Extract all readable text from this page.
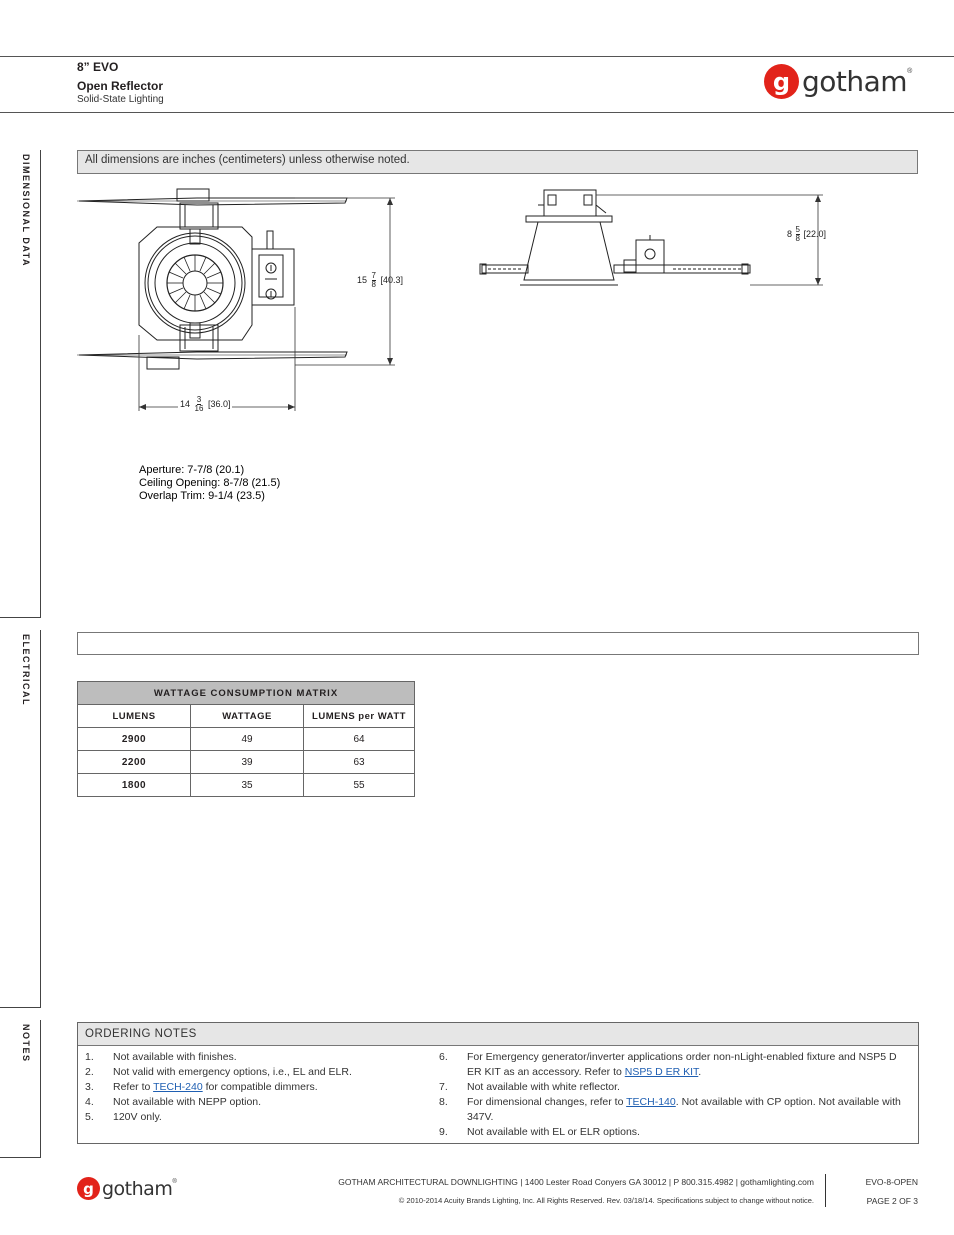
8” EVO
Open Reflector
Solid-State Lighting
g gotham ®
DIMENSIONAL DATA
ELECTRICAL
NOTES
All dimensions are inches (centimeters) unless otherwise noted.
$15 \frac{7}{8} [40.3]$
$14 \frac{3}{16} [36.0]$
$8 \frac{5}{8} [22.0]$
Aperture: 7-7/8 (20.1)
Ceiling Opening: 8-7/8 (21.5)
Overlap Trim: 9-1/4 (23.5)
WATTAGE CONSUMPTION MATRIX		
LUMENS	WATTAGE	LUMENS per WATT
2900	49	64
2200	39	63
1800	35	55
ORDERING NOTES
1.	Not available with finishes.
2.	Not valid with emergency options, i.e., EL and ELR.
3.	Refer to TECH-240 for compatible dimmers.
4.	Not available with NEPP option.
5.	120V only.
6.	For Emergency generator/inverter applications order non-nLight-enabled fixture and NSP5 D ER KIT as an accessory. Refer to NSP5 D ER KIT.
7.	Not available with white reflector.
8.	For dimensional changes, refer to TECH-140. Not available with CP option. Not available with 347V.
9.	Not available with EL or ELR options.
g gotham ®	GOTHAM ARCHITECTURAL DOWNLIGHTING | 1400 Lester Road Conyers GA 30012 | P 800.315.4982 | gothamlighting.com
© 2010-2014 Acuity Brands Lighting, Inc. All Rights Reserved. Rev. 03/18/14. Specifications subject to change without notice.
EVO-8-OPEN
PAGE 2 OF 3
